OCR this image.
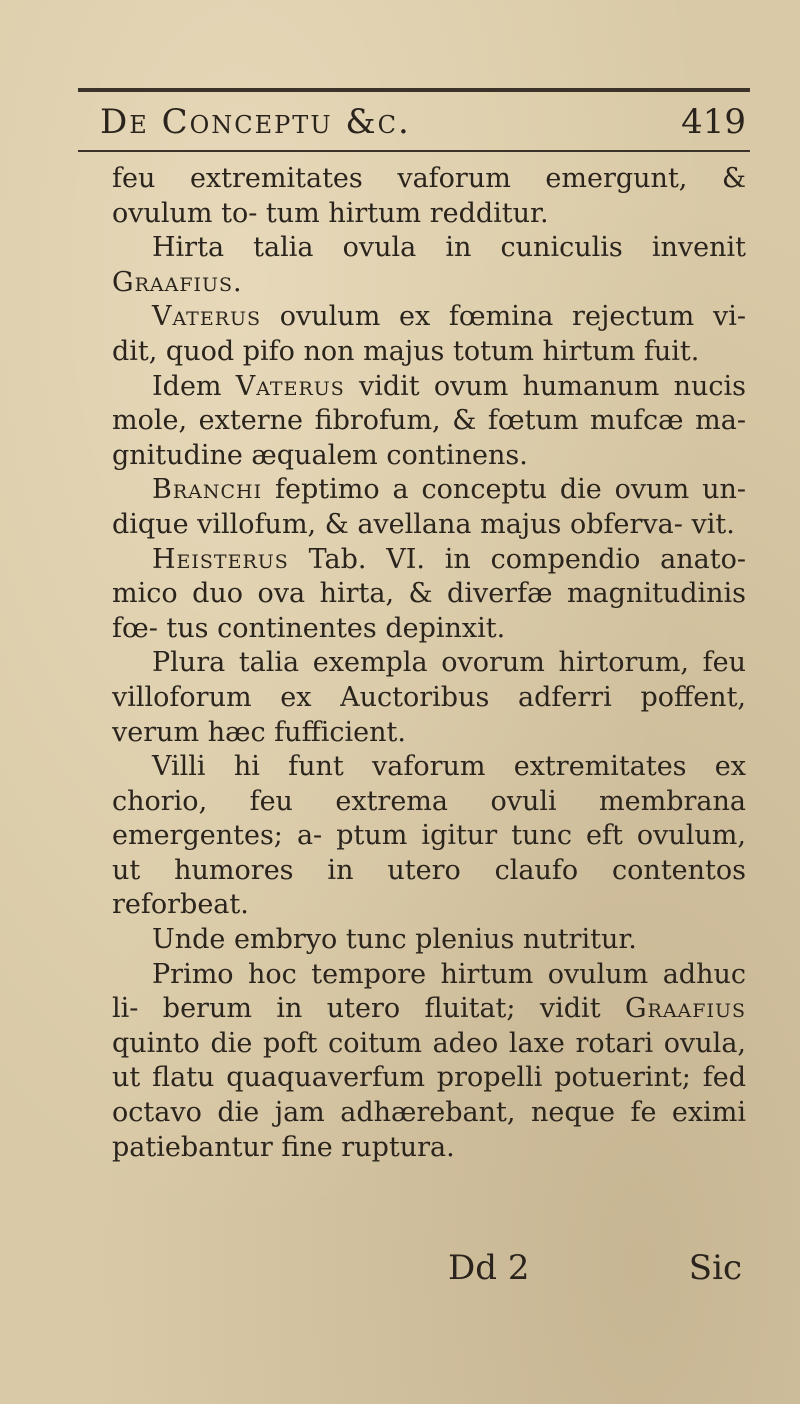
De Conceptu &c.	419

feu extremitates vaforum emergunt, & ovulum to- tum hirtum redditur.

Hirta talia ovula in cuniculis invenit Graafius.

Vaterus ovulum ex fœmina rejectum vi- dit, quod pifo non majus totum hirtum fuit.

Idem Vaterus vidit ovum humanum nucis mole, externe fibrofum, & fœtum mufcæ ma- gnitudine æqualem continens.

Branchi feptimo a conceptu die ovum un- dique villofum, & avellana majus obferva- vit.

Heisterus Tab. VI. in compendio anato- mico duo ova hirta, & diverfæ magnitudinis fœ- tus continentes depinxit.

Plura talia exempla ovorum hirtorum, feu villoforum ex Auctoribus adferri poffent, verum hæc fufficient.

Villi hi funt vaforum extremitates ex chorio, feu extrema ovuli membrana emergentes; a- ptum igitur tunc eft ovulum, ut humores in utero claufo contentos reforbeat.

Unde embryo tunc plenius nutritur.

Primo hoc tempore hirtum ovulum adhuc li- berum in utero fluitat; vidit Graafius quinto die poft coitum adeo laxe rotari ovula, ut flatu quaquaverfum propelli potuerint; fed octavo die jam adhærebant, neque fe eximi patiebantur fine ruptura.

Dd 2	Sic
